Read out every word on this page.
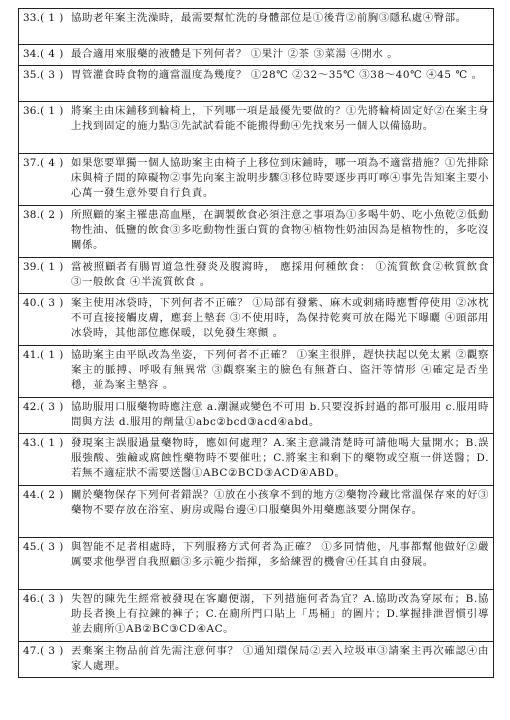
33.( 1 ) 協助老年案主洗澡時，最需要幫忙洗的身體部位是①後背②前胸③隱私處④臀部。
34.( 4 ) 最合適用來服藥的液體是下列何者？ ①果汁 ②茶 ③菜湯 ④開水 。
35.( 3 ) 胃管灌食時食物的適當溫度為幾度？ ①28℃ ②32～35℃ ③38～40℃ ④45 ℃ 。
36.( 1 ) 將案主由床鋪移到輪椅上，下列哪一項是最優先要做的？①先將輪椅固定好②在案主身上找到固定的施力點③先試試看能不能搬得動④先找來另一個人以備協助。
37.( 4 ) 如果您要單獨一個人協助案主由椅子上移位到床鋪時，哪一項為不適當措施？①先排除床與椅子間的障礙物②事先向案主說明步驟③移位時要逐步再叮嚀④事先告知案主要小心萬一發生意外要自行負責。
38.( 2 ) 所照顧的案主罹患高血壓，在調製飲食必須注意之事項為①多喝牛奶、吃小魚乾②低動物性油、低鹽的飲食③多吃動物性蛋白質的食物④植物性奶油因為是植物性的，多吃沒關係。
39.( 1 ) 當被照顧者有腸胃道急性發炎及腹瀉時， 應採用何種飲食： ①流質飲食②軟質飲食 ③一般飲食 ④半流質飲食 。
40.( 3 ) 案主使用冰袋時，下列何者不正確？ ①局部有發紫、麻木或刺痛時應暫停使用 ②冰枕不可直接接觸皮膚，應套上墊套 ③不使用時，為保持乾爽可放在陽光下曝曬 ④頭部用冰袋時，其他部位應保暖，以免發生寒顫 。
41.( 1 ) 協助案主由平臥改為坐姿，下列何者不正確？ ①案主很胖，趕快扶起以免太累 ②觀察案主的脈搏、呼吸有無異常 ③觀察案主的臉色有無蒼白、盜汗等情形 ④確定是否坐穩，並為案主墊容 。
42.( 3 ) 協助服用口服藥物時應注意 a.潮濕或變色不可用 b.只要沒拆封過的都可服用 c.服用時間與方法 d.服用的劑量①abc②bcd③acd④abd。
43.( 1 ) 發現案主誤服過量藥物時，應如何處理？A.案主意識清楚時可請他喝大量開水；B.誤服強酸、強鹼或腐蝕性藥物時不要催吐；C.將案主和剩下的藥物或空瓶一併送醫；D.若無不適症狀不需要送醫①ABC②BCD③ACD④ABD。
44.( 2 ) 關於藥物保存下列何者錯誤？①放在小孩拿不到的地方②藥物冷藏比常溫保存來的好③藥物不要存放在浴室、廚房或陽台邊④口服藥與外用藥應該要分開保存。
45.( 3 ) 與智能不足者相處時，下列服務方式何者為正確？ ①多同情他，凡事都幫他做好②嚴厲要求他學習自我照顧③多示範少指揮，多給練習的機會④任其自由發展。
46.( 3 ) 失智的陳先生經常被發現在客廳便溺，下列措施何者為宜？A.協助改為穿尿布；B.協助長者換上有拉鍊的褲子；C.在廁所門口貼上「馬桶」的圖片；D.掌握排泄習慣引導並去廁所①AB②BC③CD④AC。
47.( 3 ) 丟棄案主物品前首先需注意何事？ ①通知環保局②丟入垃圾車③請案主再次確認④由家人處理。
